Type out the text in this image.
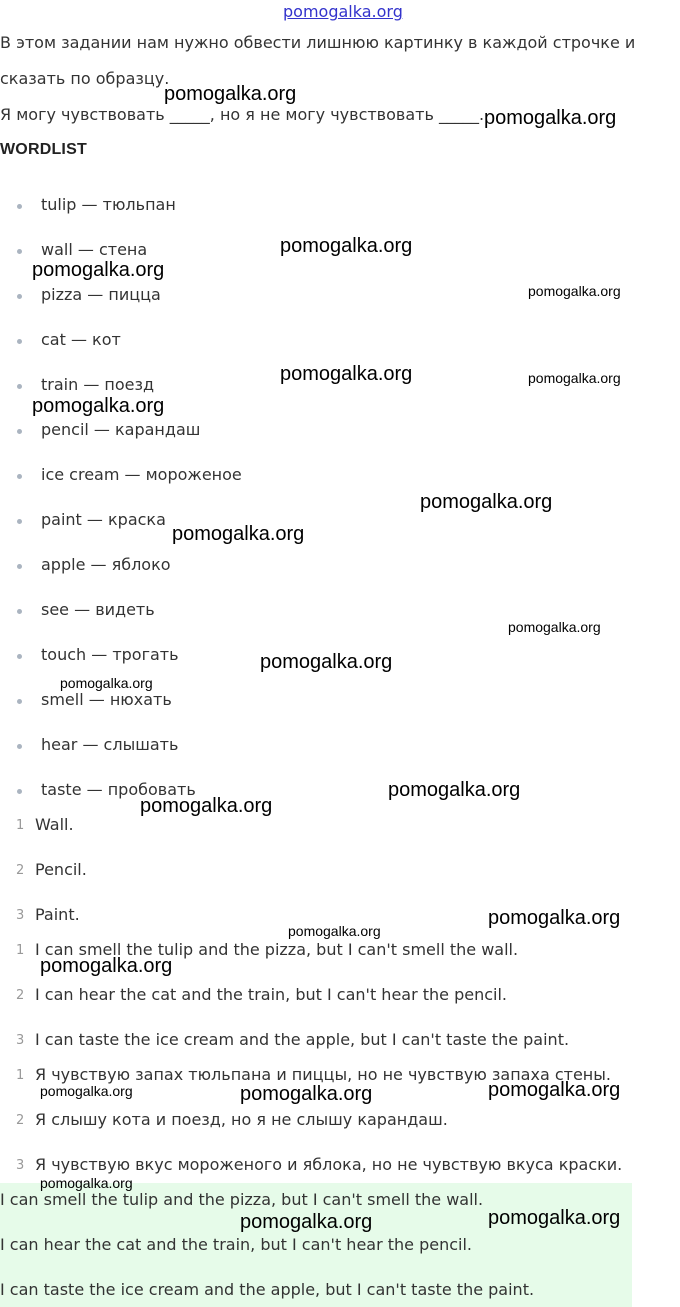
pomogalka.org
В этом задании нам нужно обвести лишнюю картинку в каждой строчке и
сказать по образцу.
Я могу чувствовать _____, но я не могу чувствовать _____.
WORDLIST
tulip — тюльпан
wall — стена
pizza — пицца
cat — кот
train — поезд
pencil — карандаш
ice cream — мороженое
paint — краска
apple — яблоко
see — видеть
touch — трогать
smell — нюхать
hear — слышать
taste — пробовать
1 Wall.
2 Pencil.
3 Paint.
1 I can smell the tulip and the pizza, but I can't smell the wall.
2 I can hear the cat and the train, but I can't hear the pencil.
3 I can taste the ice cream and the apple, but I can't taste the paint.
1 Я чувствую запах тюльпана и пиццы, но не чувствую запаха стены.
2 Я слышу кота и поезд, но я не слышу карандаш.
3 Я чувствую вкус мороженого и яблока, но не чувствую вкуса краски.
I can smell the tulip and the pizza, but I can't smell the wall.
I can hear the cat and the train, but I can't hear the pencil.
I can taste the ice cream and the apple, but I can't taste the paint.
pomogalka.org
pomogalka.org
pomogalka.org
pomogalka.org
pomogalka.org
pomogalka.org	pomogalka.org
pomogalka.org
pomogalka.org
pomogalka.org
pomogalka.org
pomogalka.org
pomogalka.org
pomogalka.org
pomogalka.org
pomogalka.org
pomogalka.org
pomogalka.org
pomogalka.org	pomogalka.org	pomogalka.org
pomogalka.org
pomogalka.org	pomogalka.org
